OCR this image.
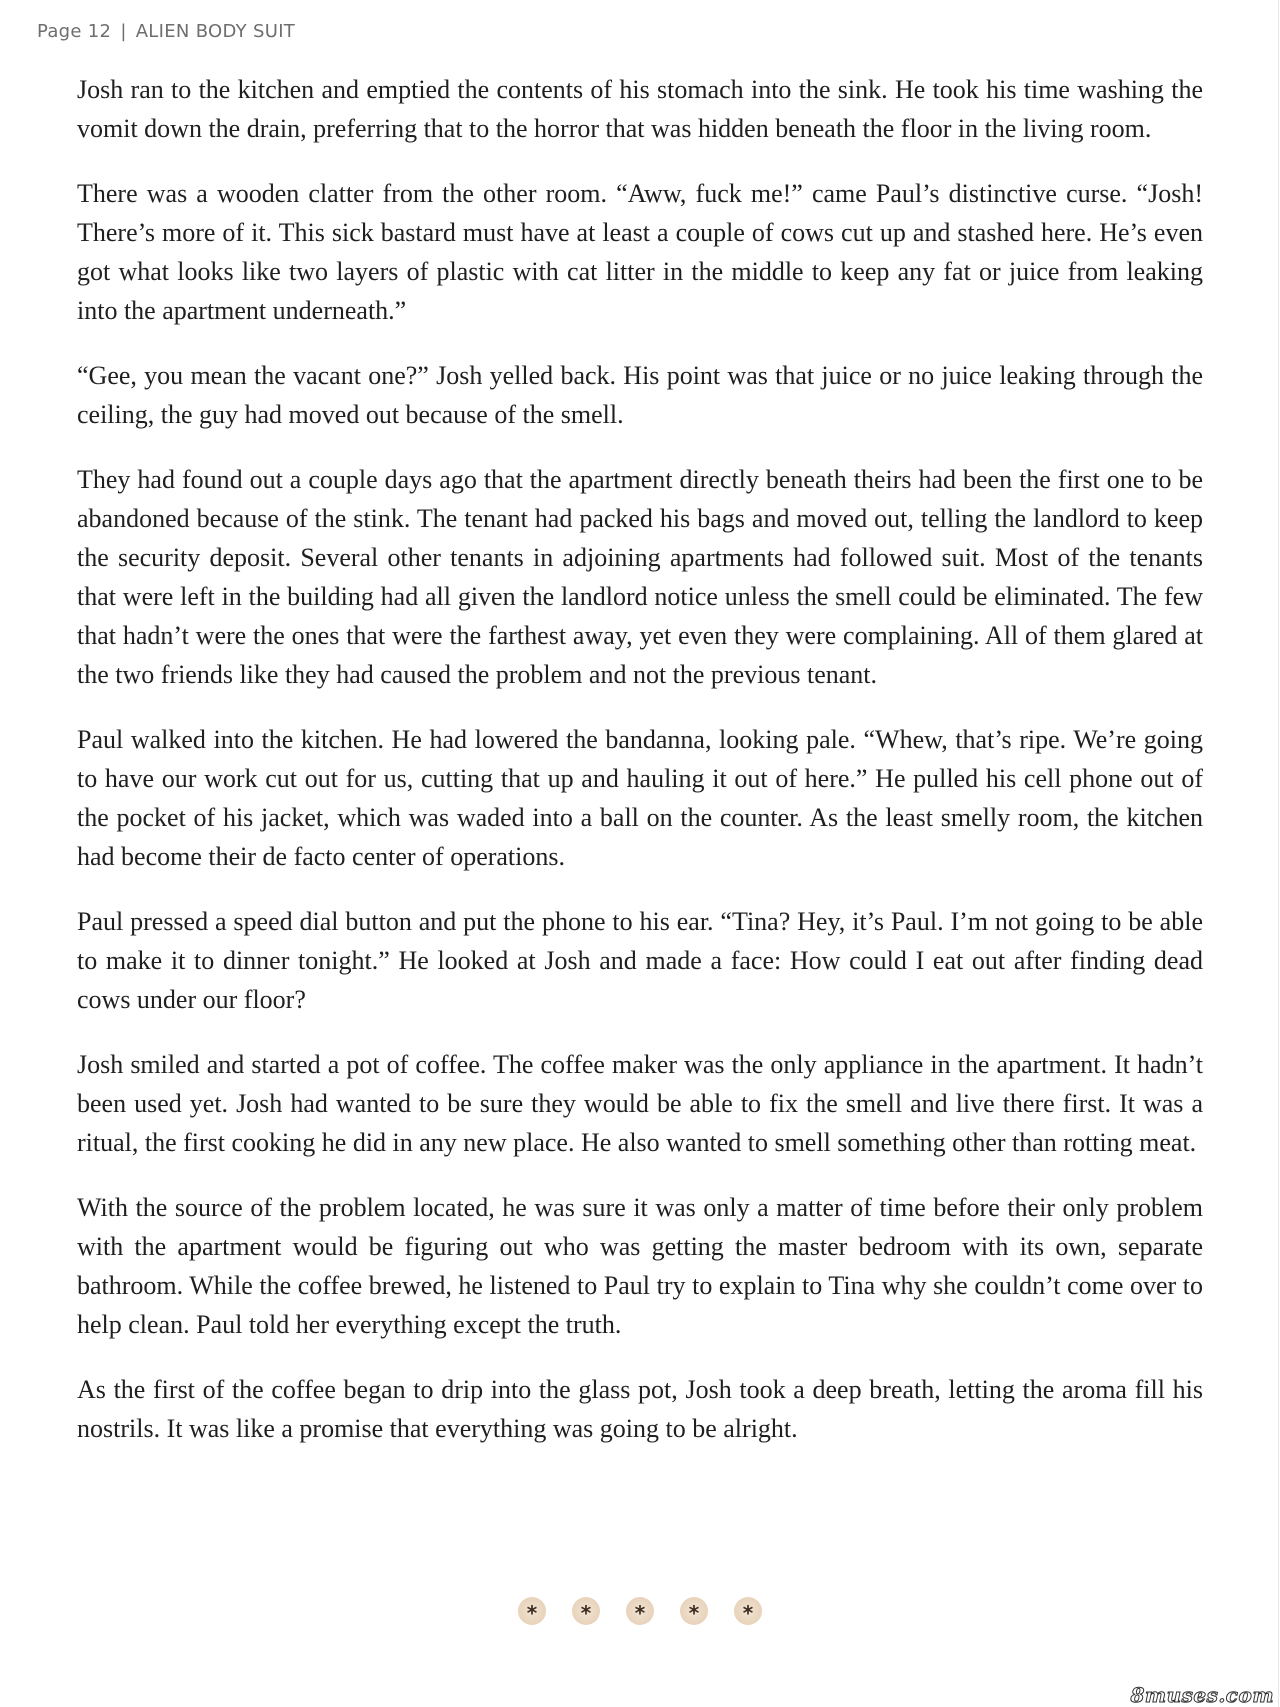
Page 12 | ALIEN BODY SUIT

Josh ran to the kitchen and emptied the contents of his stomach into the sink. He took his time washing the vomit down the drain, preferring that to the horror that was hidden beneath the floor in the living room.

There was a wooden clatter from the other room. “Aww, fuck me!” came Paul’s distinctive curse. “Josh! There’s more of it. This sick bastard must have at least a couple of cows cut up and stashed here. He’s even got what looks like two layers of plastic with cat litter in the middle to keep any fat or juice from leaking into the apartment underneath.”

“Gee, you mean the vacant one?” Josh yelled back. His point was that juice or no juice leaking through the ceiling, the guy had moved out because of the smell.

They had found out a couple days ago that the apartment directly beneath theirs had been the first one to be abandoned because of the stink. The tenant had packed his bags and moved out, telling the landlord to keep the security deposit. Several other tenants in adjoining apartments had followed suit. Most of the tenants that were left in the building had all given the landlord notice unless the smell could be eliminated. The few that hadn’t were the ones that were the farthest away, yet even they were complaining. All of them glared at the two friends like they had caused the problem and not the previous tenant.

Paul walked into the kitchen. He had lowered the bandanna, looking pale. “Whew, that’s ripe. We’re going to have our work cut out for us, cutting that up and hauling it out of here.” He pulled his cell phone out of the pocket of his jacket, which was waded into a ball on the counter. As the least smelly room, the kitchen had become their de facto center of operations.

Paul pressed a speed dial button and put the phone to his ear. “Tina? Hey, it’s Paul. I’m not going to be able to make it to dinner tonight.” He looked at Josh and made a face: How could I eat out after finding dead cows under our floor?

Josh smiled and started a pot of coffee. The coffee maker was the only appliance in the apartment. It hadn’t been used yet. Josh had wanted to be sure they would be able to fix the smell and live there first. It was a ritual, the first cooking he did in any new place. He also wanted to smell something other than rotting meat.

With the source of the problem located, he was sure it was only a matter of time before their only problem with the apartment would be figuring out who was getting the master bedroom with its own, separate bathroom. While the coffee brewed, he listened to Paul try to explain to Tina why she couldn’t come over to help clean. Paul told her everything except the truth.

As the first of the coffee began to drip into the glass pot, Josh took a deep breath, letting the aroma fill his nostrils. It was like a promise that everything was going to be alright.

*	*	*	*	*
8muses.com
